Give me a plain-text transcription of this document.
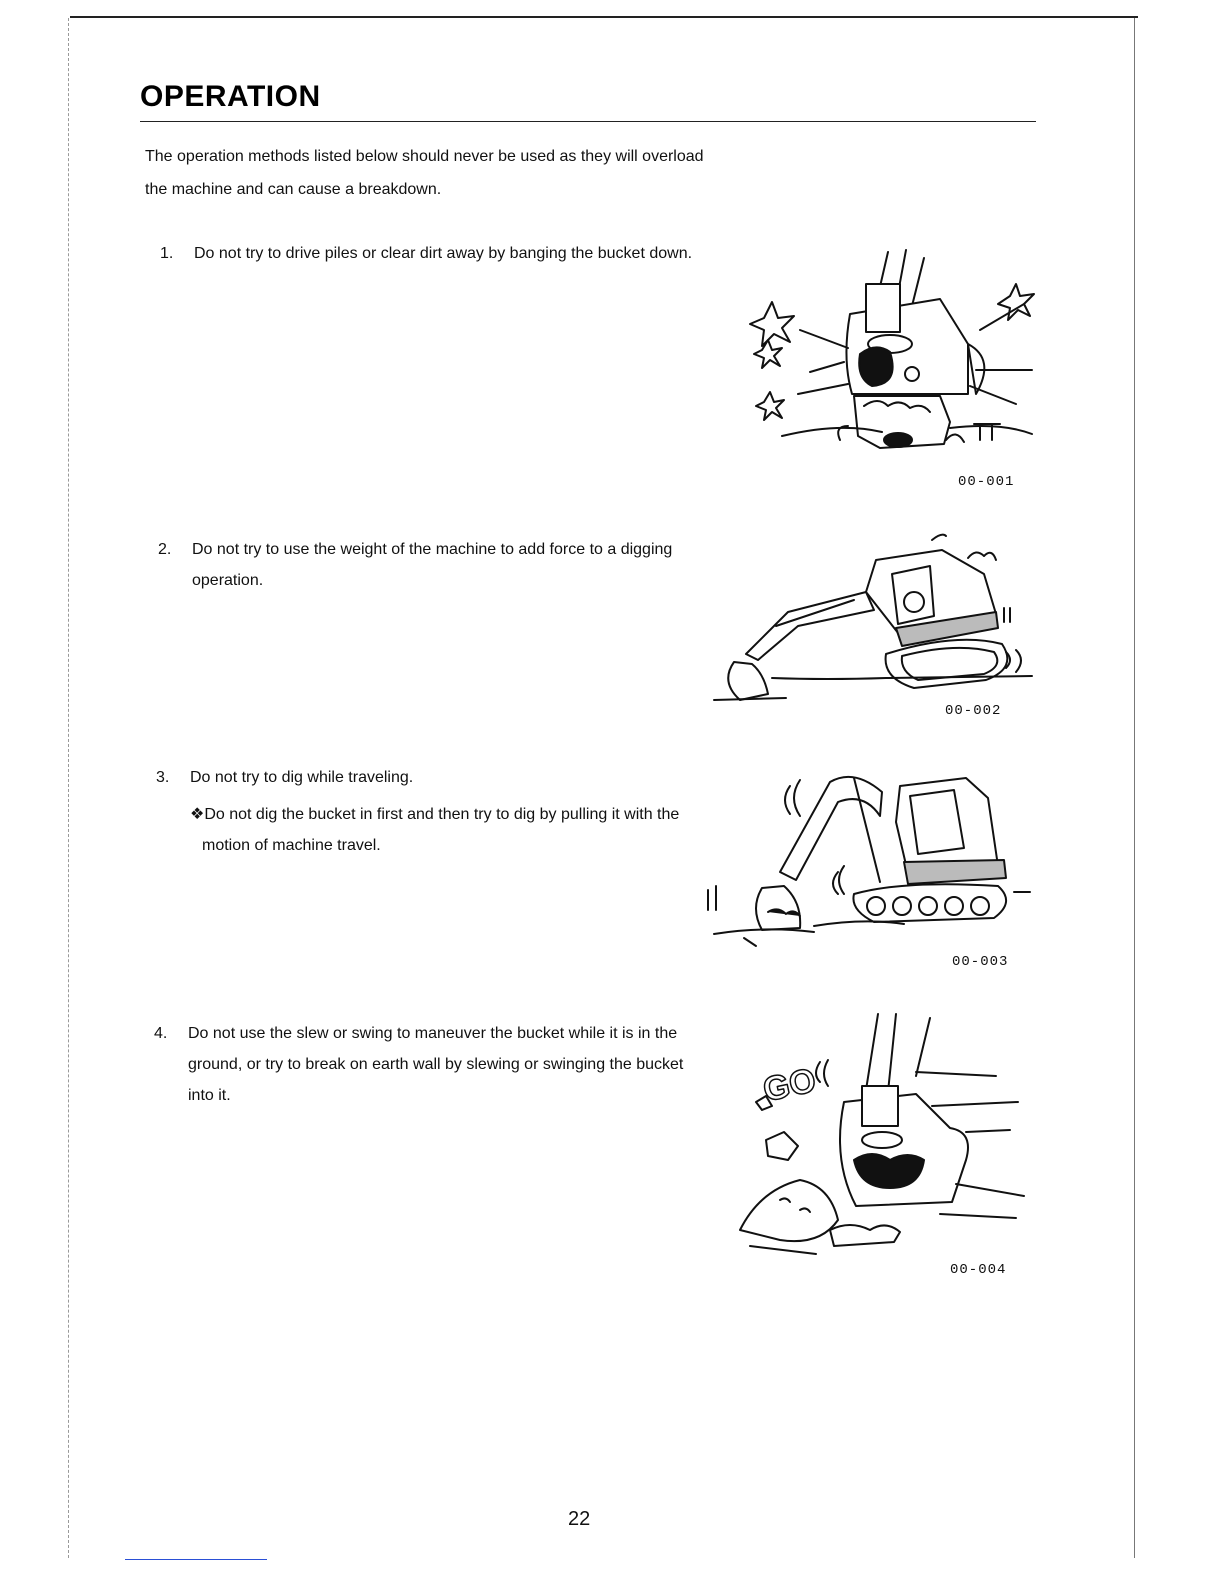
OPERATION
The operation methods listed below should never be used as they will overload the machine and can cause a breakdown.
1. Do not try to drive piles or clear dirt away by banging the bucket down.
2. Do not try to use the weight of the machine to add force to a digging operation.
3. Do not try to dig while traveling.
❖Do not dig the bucket in first and then try to dig by pulling it with the motion of machine travel.
4. Do not use the slew or swing to maneuver the bucket while it is in the ground, or try to break on earth wall by slewing or swinging the bucket into it.
00-001
00-002
00-003
GO
00-004
22
